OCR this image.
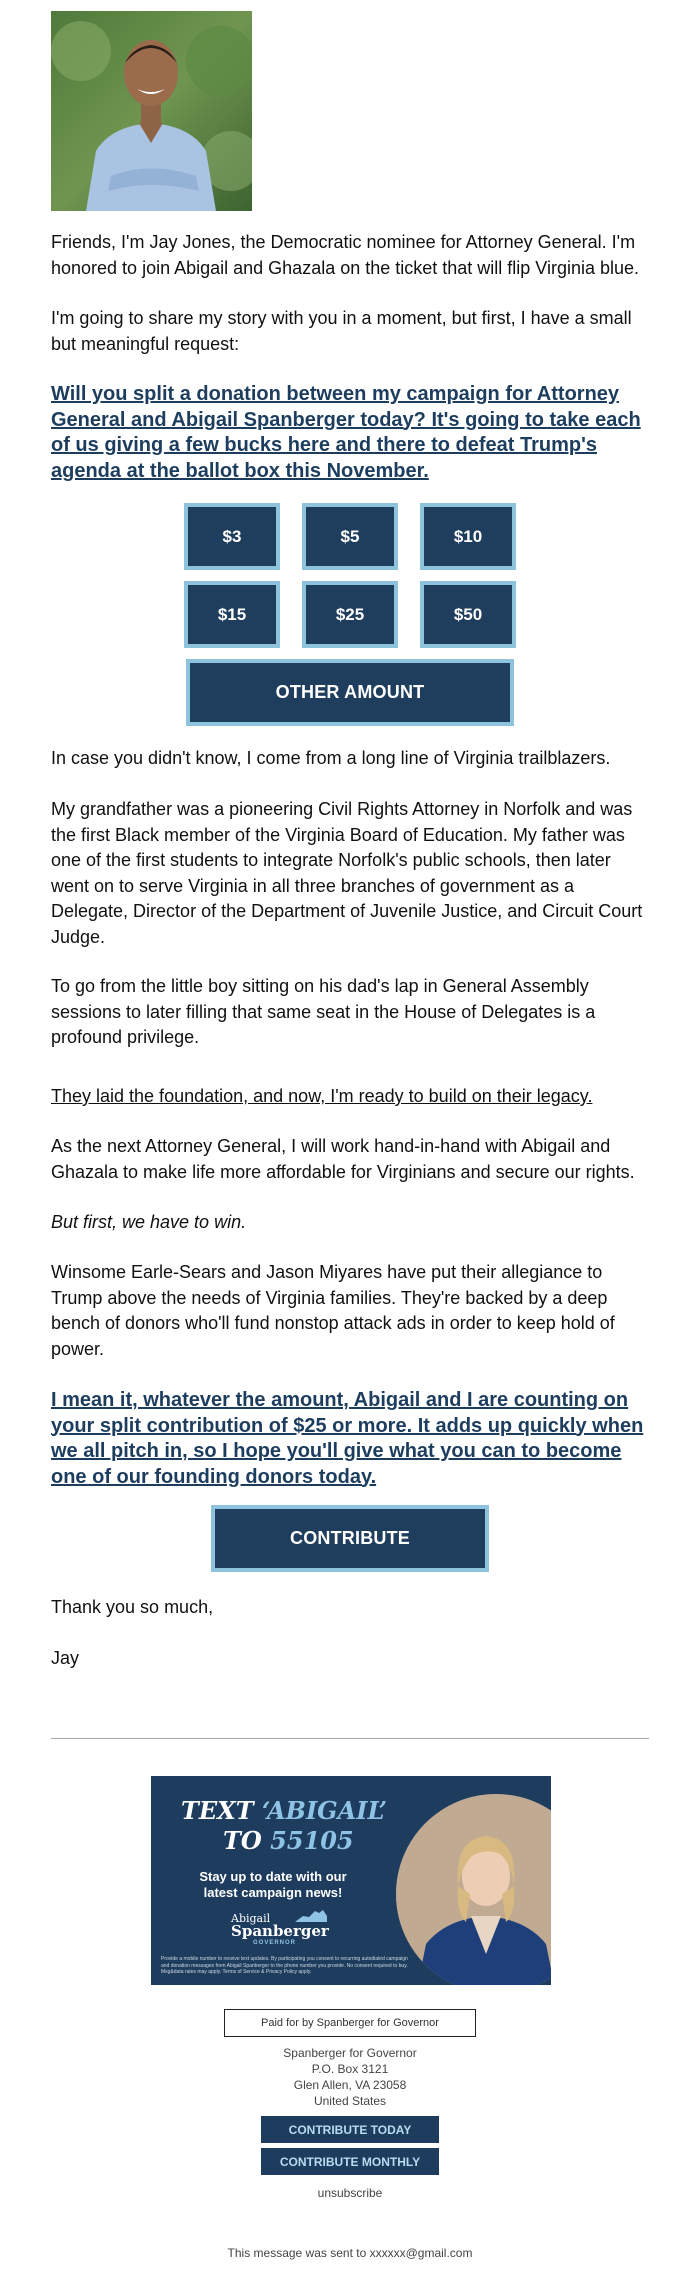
Friends, I'm Jay Jones, the Democratic nominee for Attorney General. I'm honored to join Abigail and Ghazala on the ticket that will flip Virginia blue.

I'm going to share my story with you in a moment, but first, I have a small but meaningful request:

Will you split a donation between my campaign for Attorney General and Abigail Spanberger today? It's going to take each of us giving a few bucks here and there to defeat Trump's agenda at the ballot box this November.
$3	$5	$10
$15	$25	$50
OTHER AMOUNT

In case you didn't know, I come from a long line of Virginia trailblazers.

My grandfather was a pioneering Civil Rights Attorney in Norfolk and was the first Black member of the Virginia Board of Education. My father was one of the first students to integrate Norfolk's public schools, then later went on to serve Virginia in all three branches of government as a Delegate, Director of the Department of Juvenile Justice, and Circuit Court Judge.

To go from the little boy sitting on his dad's lap in General Assembly sessions to later filling that same seat in the House of Delegates is a profound privilege.

They laid the foundation, and now, I'm ready to build on their legacy.

As the next Attorney General, I will work hand-in-hand with Abigail and Ghazala to make life more affordable for Virginians and secure our rights.

But first, we have to win.

Winsome Earle-Sears and Jason Miyares have put their allegiance to Trump above the needs of Virginia families. They're backed by a deep bench of donors who'll fund nonstop attack ads in order to keep hold of power.

I mean it, whatever the amount, Abigail and I are counting on your split contribution of $25 or more. It adds up quickly when we all pitch in, so I hope you'll give what you can to become one of our founding donors today.
CONTRIBUTE

Thank you so much,

Jay

TEXT ‘ABIGAIL’
TO 55105
Stay up to date with our latest campaign news!
Abigail
Spanberger
GOVERNOR
Provide a mobile number to receive text updates. By participating you consent to recurring autodialed campaign and donation messages from Abigail Spanberger to the phone number you provide. No consent required to buy. Msg&data rates may apply. Terms of Service & Privacy Policy apply.
Paid for by Spanberger for Governor
Spanberger for Governor
P.O. Box 3121
Glen Allen, VA 23058
United States
CONTRIBUTE TODAY
CONTRIBUTE MONTHLY
unsubscribe
This message was sent to xxxxxx@gmail.com
